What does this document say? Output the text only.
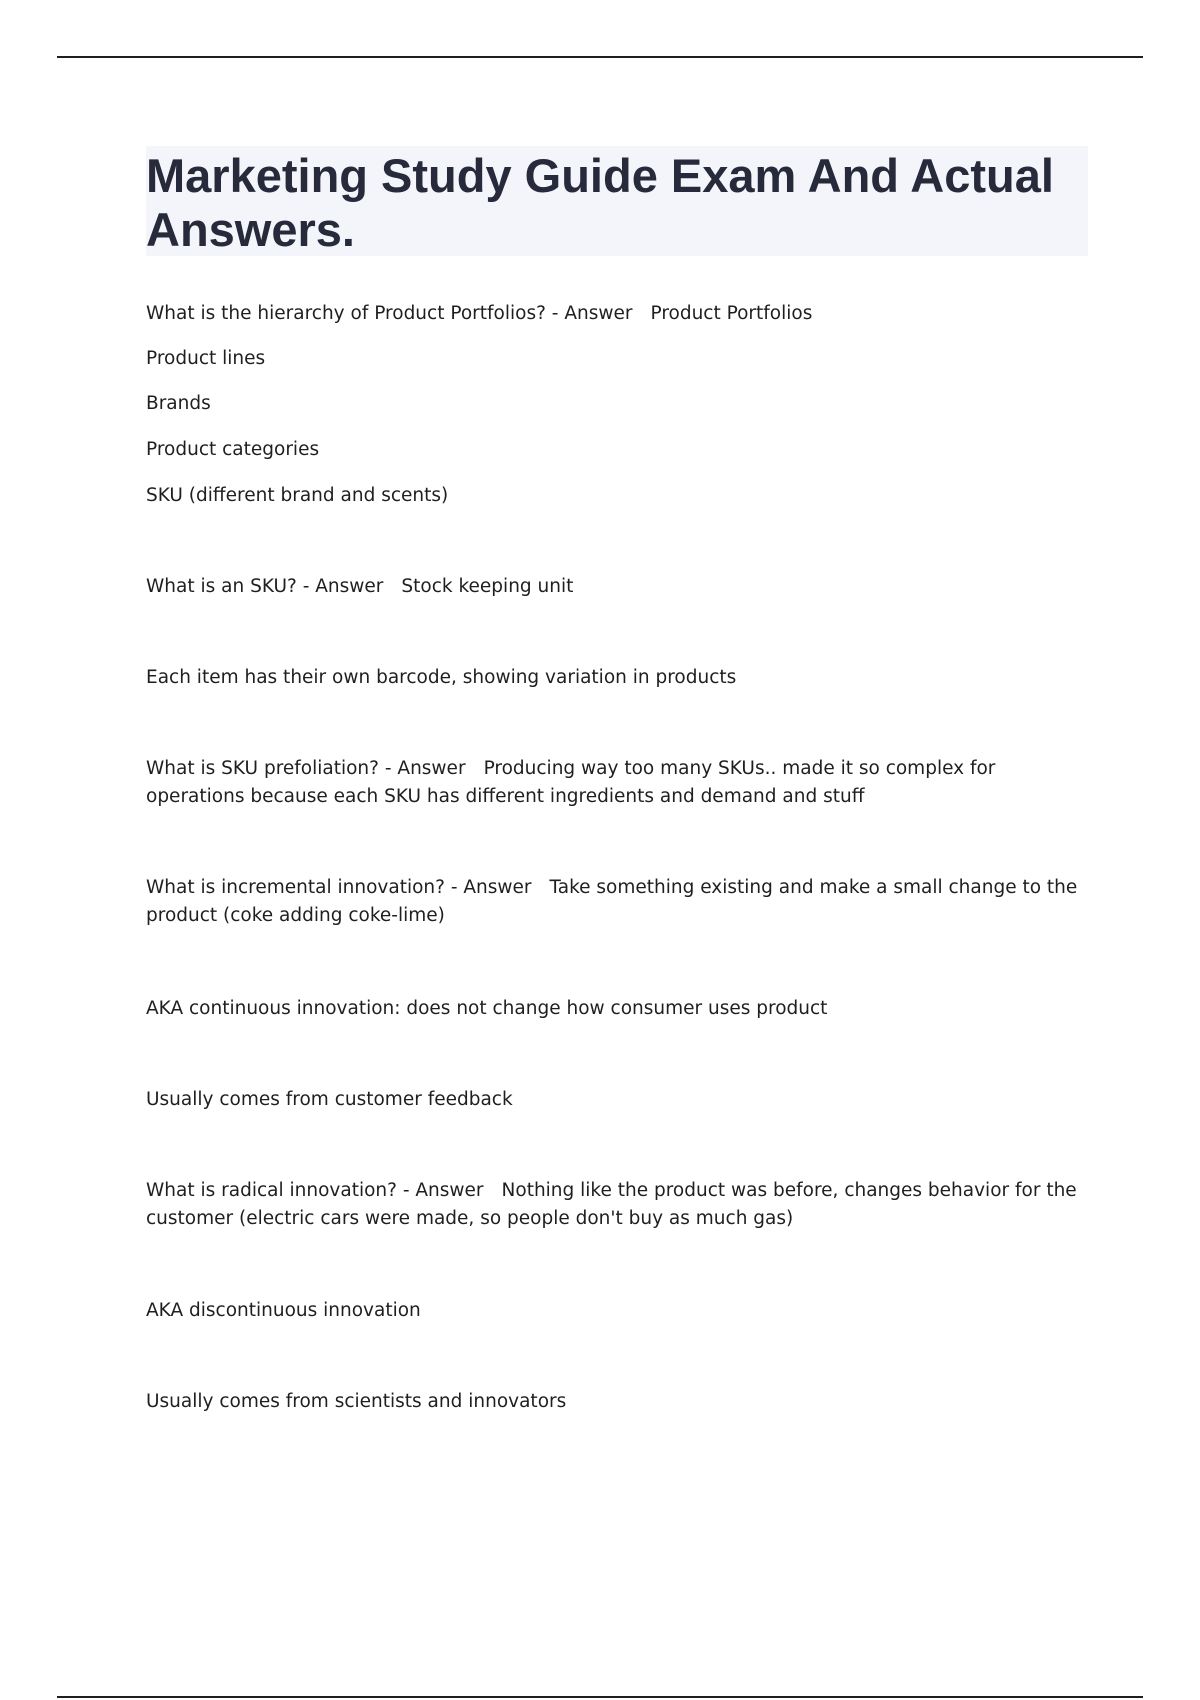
Marketing Study Guide Exam And Actual Answers.
What is the hierarchy of Product Portfolios? - Answer Product Portfolios
Product lines
Brands
Product categories
SKU (different brand and scents)
What is an SKU? - Answer Stock keeping unit
Each item has their own barcode, showing variation in products
What is SKU prefoliation? - Answer Producing way too many SKUs.. made it so complex for operations because each SKU has different ingredients and demand and stuff
What is incremental innovation? - Answer Take something existing and make a small change to the product (coke adding coke-lime)
AKA continuous innovation: does not change how consumer uses product
Usually comes from customer feedback
What is radical innovation? - Answer Nothing like the product was before, changes behavior for the customer (electric cars were made, so people don't buy as much gas)
AKA discontinuous innovation
Usually comes from scientists and innovators
